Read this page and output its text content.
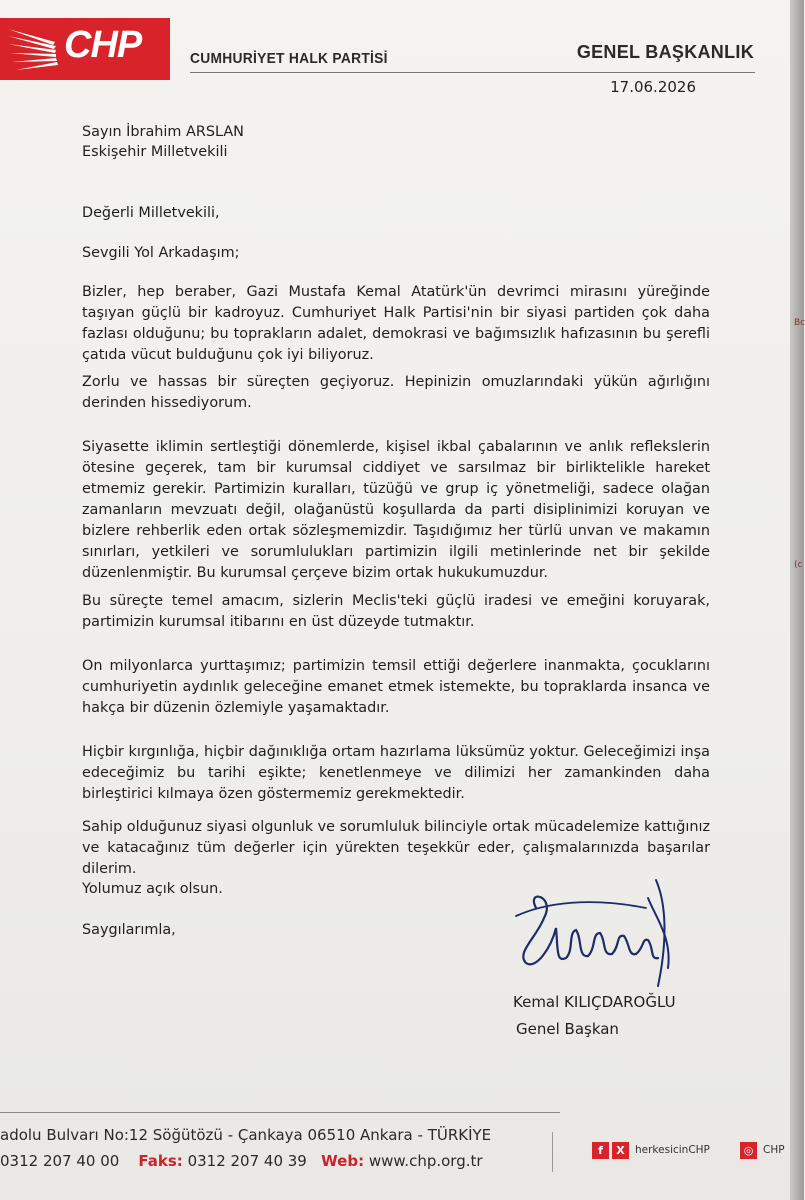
Bc
(c
CHP	CUMHURİYET HALK PARTİSİ	GENEL BAŞKANLIK
17.06.2026
Sayın İbrahim ARSLAN
Eskişehir Milletvekili
Değerli Milletvekili,
Sevgili Yol Arkadaşım;
Bizler, hep beraber, Gazi Mustafa Kemal Atatürk'ün devrimci mirasını yüreğinde taşıyan güçlü bir kadroyuz. Cumhuriyet Halk Partisi'nin bir siyasi partiden çok daha fazlası olduğunu; bu toprakların adalet, demokrasi ve bağımsızlık hafızasının bu şerefli çatıda vücut bulduğunu çok iyi biliyoruz.
Zorlu ve hassas bir süreçten geçiyoruz. Hepinizin omuzlarındaki yükün ağırlığını derinden hissediyorum.
Siyasette iklimin sertleştiği dönemlerde, kişisel ikbal çabalarının ve anlık reflekslerin ötesine geçerek, tam bir kurumsal ciddiyet ve sarsılmaz bir birliktelikle hareket etmemiz gerekir. Partimizin kuralları, tüzüğü ve grup iç yönetmeliği, sadece olağan zamanların mevzuatı değil, olağanüstü koşullarda da parti disiplinimizi koruyan ve bizlere rehberlik eden ortak sözleşmemizdir. Taşıdığımız her türlü unvan ve makamın sınırları, yetkileri ve sorumlulukları partimizin ilgili metinlerinde net bir şekilde düzenlenmiştir. Bu kurumsal çerçeve bizim ortak hukukumuzdur.
Bu süreçte temel amacım, sizlerin Meclis'teki güçlü iradesi ve emeğini koruyarak, partimizin kurumsal itibarını en üst düzeyde tutmaktır.
On milyonlarca yurttaşımız; partimizin temsil ettiği değerlere inanmakta, çocuklarını cumhuriyetin aydınlık geleceğine emanet etmek istemekte, bu topraklarda insanca ve hakça bir düzenin özlemiyle yaşamaktadır.
Hiçbir kırgınlığa, hiçbir dağınıklığa ortam hazırlama lüksümüz yoktur. Geleceğimizi inşa edeceğimiz bu tarihi eşikte; kenetlenmeye ve dilimizi her zamankinden daha birleştirici kılmaya özen göstermemiz gerekmektedir.
Sahip olduğunuz siyasi olgunluk ve sorumluluk bilinciyle ortak mücadelemize kattığınız ve katacağınız tüm değerler için yürekten teşekkür eder, çalışmalarınızda başarılar dilerim.
Yolumuz açık olsun.
Saygılarımla,
Kemal KILIÇDAROĞLU
Genel Başkan
adolu Bulvarı No:12 Söğütözü - Çankaya 06510 Ankara - TÜRKİYE
0312 207 40 00 Faks: 0312 207 40 39 Web: www.chp.org.tr
f	X herkesicinCHP	◎ CHP
